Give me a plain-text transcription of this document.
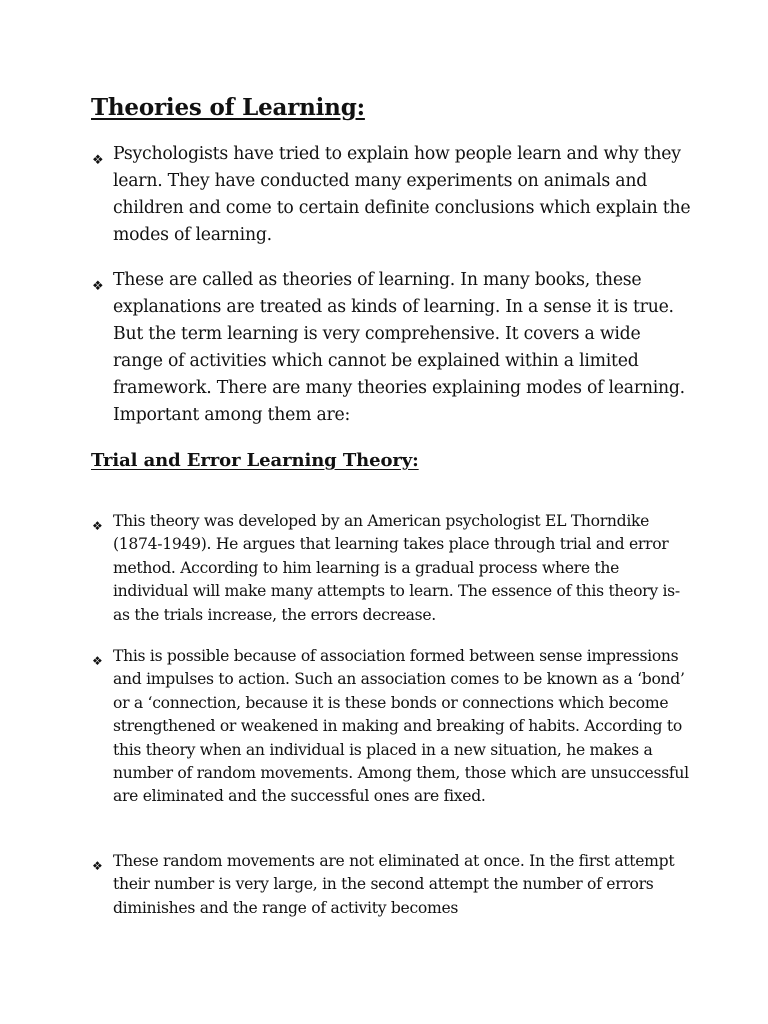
Theories of Learning:
❖ Psychologists have tried to explain how people learn and why they learn. They have conducted many experiments on animals and children and come to certain definite conclusions which explain the modes of learning.
❖ These are called as theories of learning. In many books, these explanations are treated as kinds of learning. In a sense it is true. But the term learning is very comprehensive. It covers a wide range of activities which cannot be explained within a limited framework. There are many theories explaining modes of learning. Important among them are:
Trial and Error Learning Theory:
❖ This theory was developed by an American psychologist EL Thorndike (1874-1949). He argues that learning takes place through trial and error method. According to him learning is a gradual process where the individual will make many attempts to learn. The essence of this theory is-as the trials increase, the errors decrease.
❖ This is possible because of association formed between sense impressions and impulses to action. Such an association comes to be known as a ‘bond’ or a ‘connection, because it is these bonds or connections which become strengthened or weakened in making and breaking of habits. According to this theory when an individual is placed in a new situation, he makes a number of random movements. Among them, those which are unsuccessful are eliminated and the successful ones are fixed.
❖ These random movements are not eliminated at once. In the first attempt their number is very large, in the second attempt the number of errors diminishes and the range of activity becomes
